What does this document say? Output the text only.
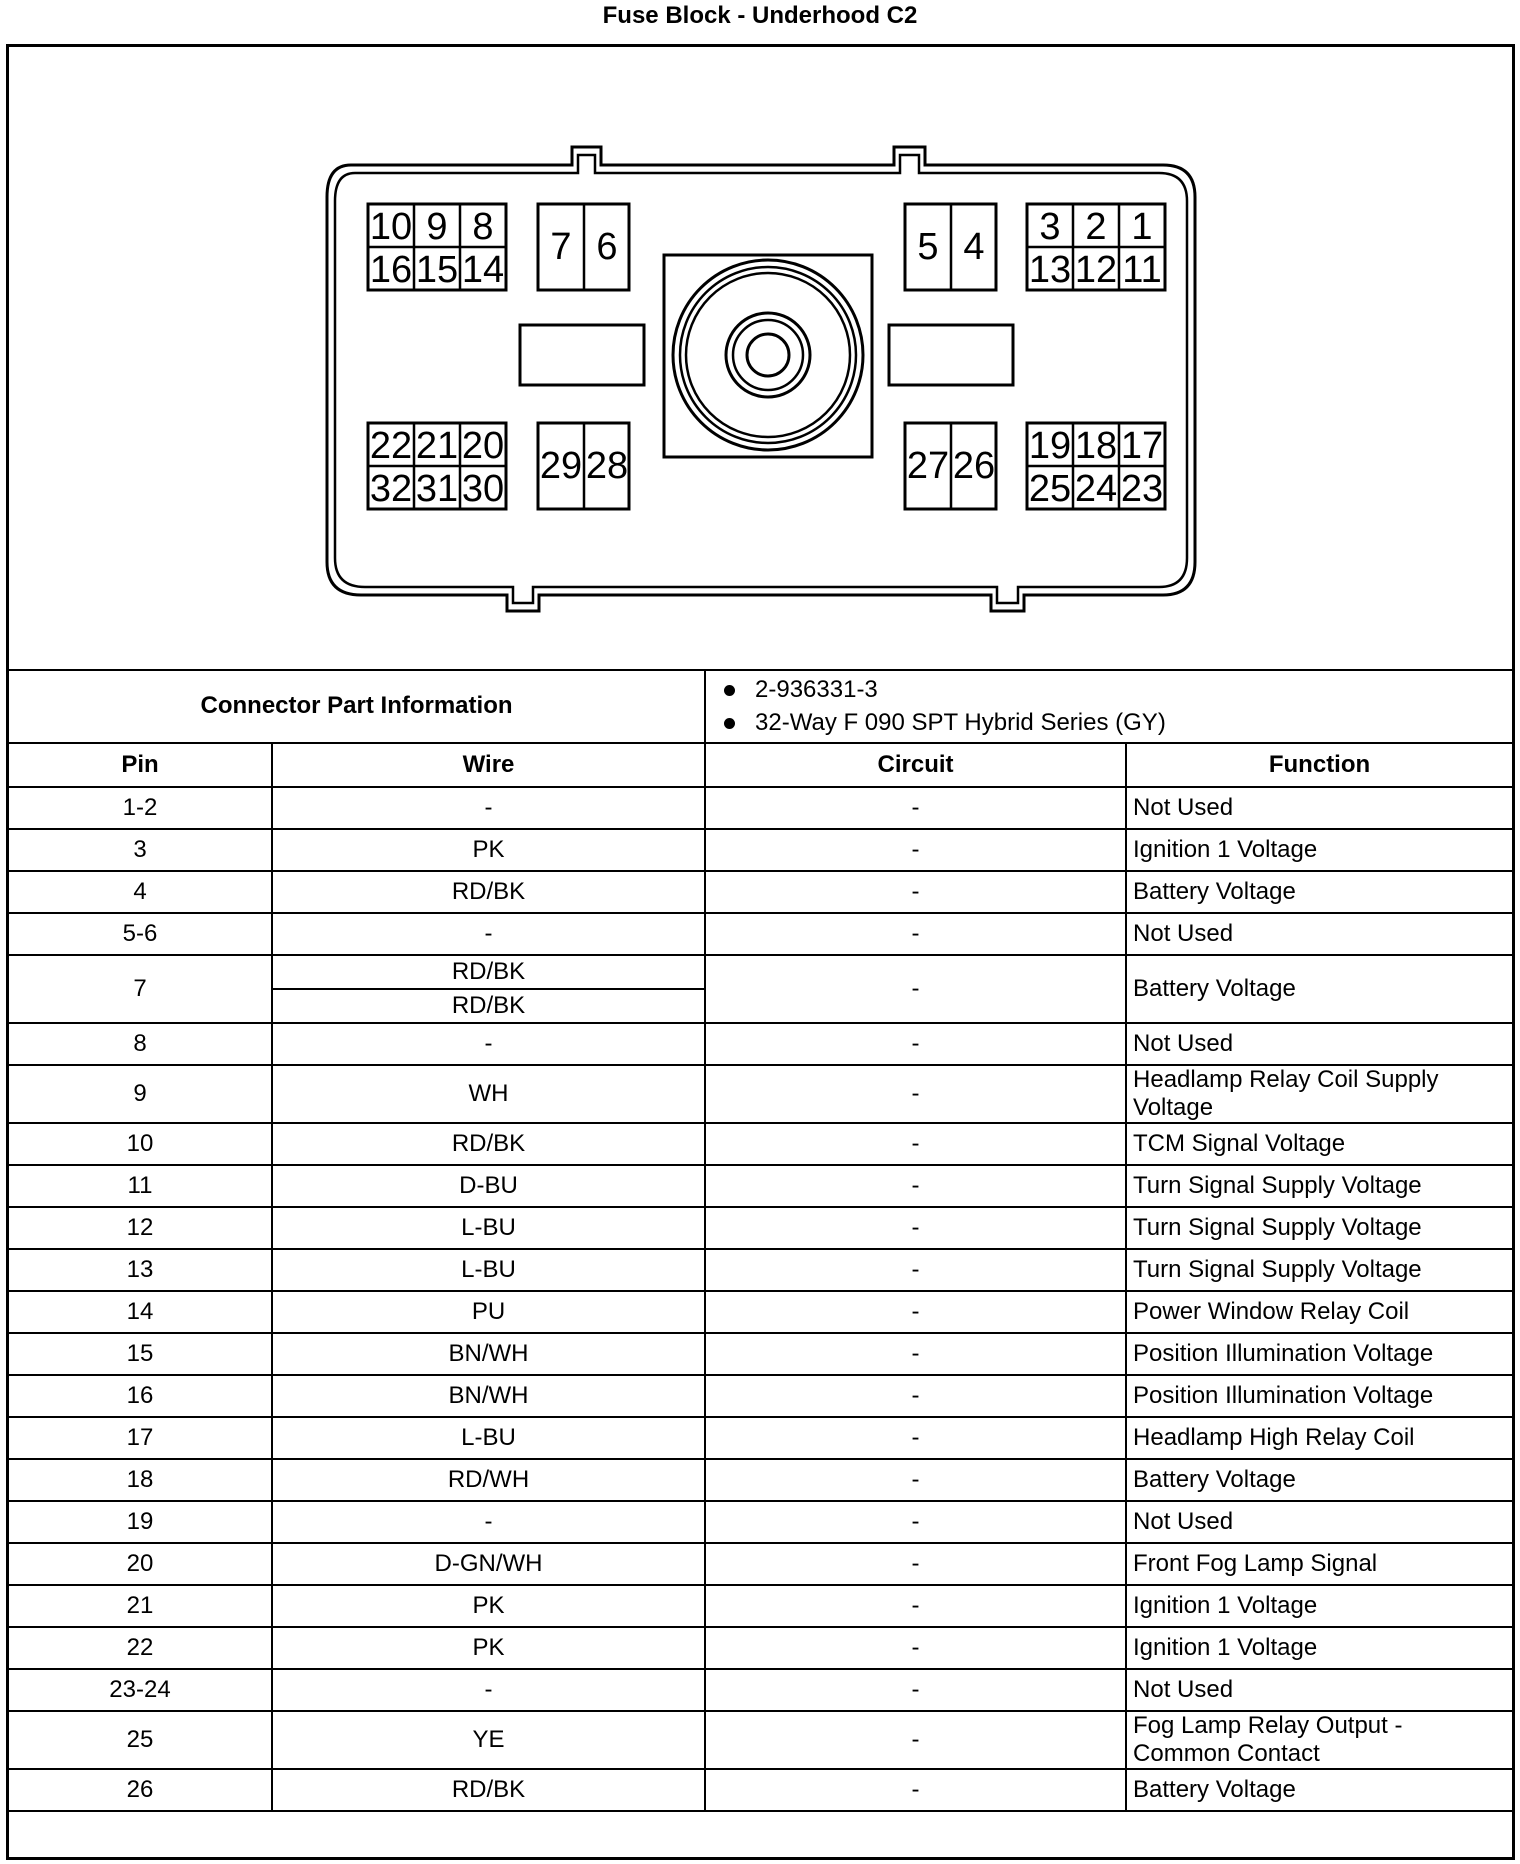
Fuse Block - Underhood C2
10 9 8
16 15 14
7 6	5 4 3 2 1
13 12 11
22 21 20
32 31 30
29 28	27 26 19 18 17
25 24 23
Connector Part Information		2-936331-3
32-Way F 090 SPT Hybrid Series (GY)	

Pin	Wire	Circuit	Function
1-2	-	-	Not Used
3	PK	-	Ignition 1 Voltage
4	RD/BK	-	Battery Voltage
5-6	-	-	Not Used
7	RD/BK	-	Battery Voltage
	RD/BK		
8	-	-	Not Used
9	WH	-	Headlamp Relay Coil Supply Voltage
10	RD/BK	-	TCM Signal Voltage
11	D-BU	-	Turn Signal Supply Voltage
12	L-BU	-	Turn Signal Supply Voltage
13	L-BU	-	Turn Signal Supply Voltage
14	PU	-	Power Window Relay Coil
15	BN/WH	-	Position Illumination Voltage
16	BN/WH	-	Position Illumination Voltage
17	L-BU	-	Headlamp High Relay Coil
18	RD/WH	-	Battery Voltage
19	-	-	Not Used
20	D-GN/WH	-	Front Fog Lamp Signal
21	PK	-	Ignition 1 Voltage
22	PK	-	Ignition 1 Voltage
23-24	-	-	Not Used
25	YE	-	Fog Lamp Relay Output - Common Contact
26	RD/BK	-	Battery Voltage
